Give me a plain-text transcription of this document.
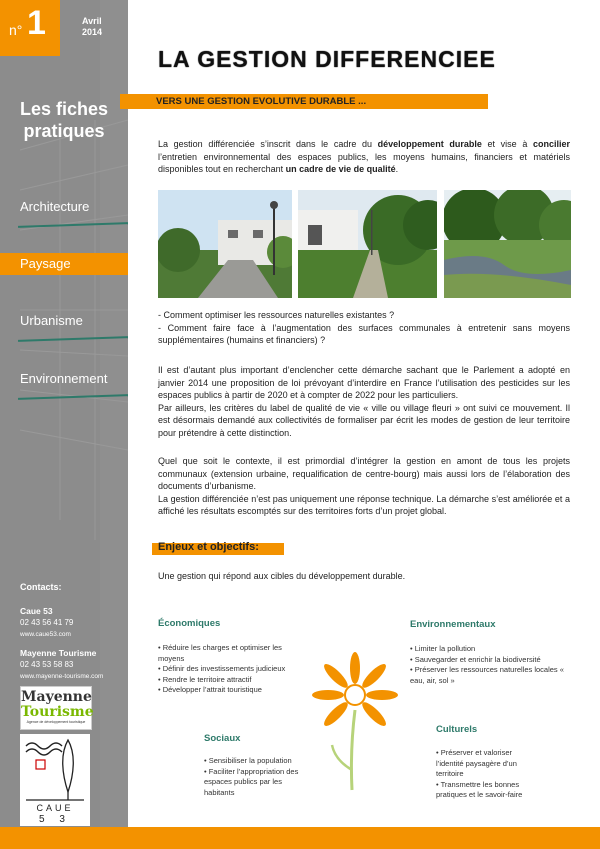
n° 1	Avril
2014
Les fiches
pratiques
Architecture
Paysage
Urbanisme
Environnement
Contacts:
Caue 53
02 43 56 41 79
www.caue53.com
Mayenne Tourisme
02 43 53 58 83
www.mayenne-tourisme.com
Mayenne
Tourisme
Agence de développement touristique
CAUE
5 3
LA GESTION DIFFERENCIEE
VERS UNE GESTION EVOLUTIVE DURABLE ...
La gestion différenciée s’inscrit dans le cadre du développement durable et vise à concilier l’entretien environnemental des espaces publics, les moyens humains, financiers et matériels disponibles tout en recherchant un cadre de vie de qualité.
- Comment optimiser les ressources naturelles existantes ?
- Comment faire face à l’augmentation des surfaces communales à entretenir sans moyens supplémentaires (humains et financiers) ?
Il est d’autant plus important d’enclencher cette démarche sachant que le Parlement a adopté en janvier 2014 une proposition de loi prévoyant d’interdire en France l’utilisation des pesticides sur les espaces publics à partir de 2020 et à compter de 2022 pour les particuliers.
Par ailleurs, les critères du label de qualité de vie « ville ou village fleuri » ont suivi ce mouvement. Il est désormais demandé aux collectivités de formaliser par écrit les modes de gestion de leur territoire pour prétendre à cette distinction.
Quel que soit le contexte, il est primordial d’intégrer la gestion en amont de tous les projets communaux (extension urbaine, requalification de centre-bourg) mais aussi lors de l’élaboration des documents d’urbanisme.
La gestion différenciée n’est pas uniquement une réponse technique. La démarche s’est améliorée et a affiché les résultats escomptés sur des territoires forts d’un projet global.
Enjeux et objectifs:
Une gestion qui répond aux cibles du développement durable.
Économiques
• Réduire les charges et optimiser les moyens
• Définir des investissements judicieux
• Rendre le territoire attractif
• Développer l’attrait touristique
Environnementaux
• Limiter la pollution
• Sauvegarder et enrichir la biodiversité
• Préserver les ressources naturelles locales « eau, air, sol »
Sociaux
• Sensibiliser la population
• Faciliter l’appropriation des espaces publics par les habitants
Culturels
• Préserver et valoriser l’identité paysagère d’un territoire
• Transmettre les bonnes pratiques et le savoir-faire
